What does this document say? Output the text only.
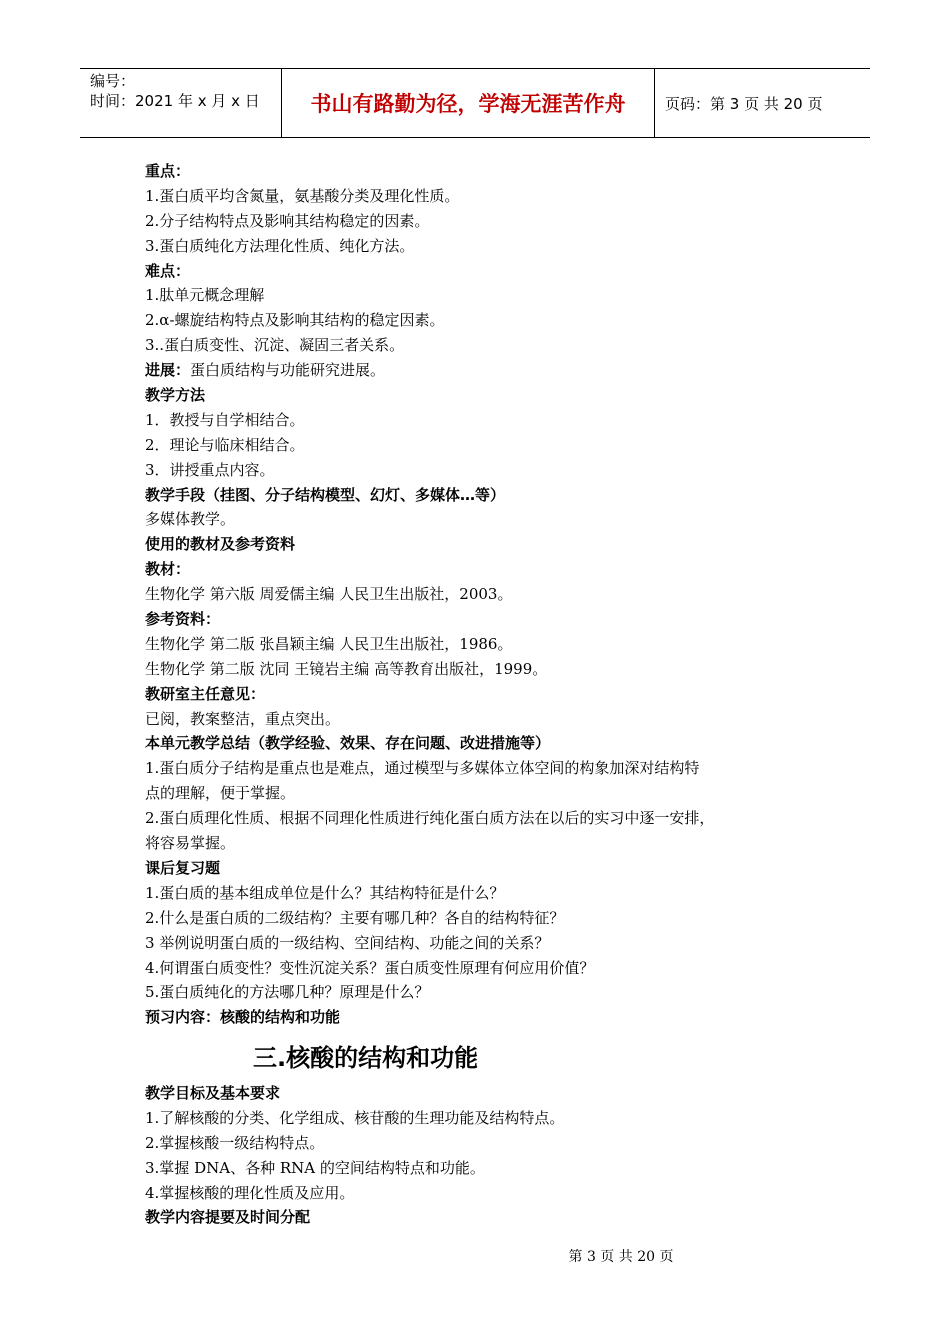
编号：
时间：2021 年 x 月 x 日 书山有路勤为径，学海无涯苦作舟	页码：第 3 页 共 20 页
重点：
1.蛋白质平均含氮量，氨基酸分类及理化性质。
2.分子结构特点及影响其结构稳定的因素。
3.蛋白质纯化方法理化性质、纯化方法。
难点：
1.肽单元概念理解
2.α-螺旋结构特点及影响其结构的稳定因素。
3..蛋白质变性、沉淀、凝固三者关系。
进展：蛋白质结构与功能研究进展。
教学方法
1．教授与自学相结合。
2．理论与临床相结合。
3．讲授重点内容。
教学手段（挂图、分子结构模型、幻灯、多媒体…等）
多媒体教学。
使用的教材及参考资料
教材：
生物化学 第六版 周爱儒主编 人民卫生出版社，2003。
参考资料：
生物化学 第二版 张昌颖主编 人民卫生出版社，1986。
生物化学 第二版 沈同 王镜岩主编 高等教育出版社，1999。
教研室主任意见：
已阅，教案整洁，重点突出。
本单元教学总结（教学经验、效果、存在问题、改进措施等）
1.蛋白质分子结构是重点也是难点，通过模型与多媒体立体空间的构象加深对结构特
点的理解，便于掌握。
2.蛋白质理化性质、根据不同理化性质进行纯化蛋白质方法在以后的实习中逐一安排，
将容易掌握。
课后复习题
1.蛋白质的基本组成单位是什么？其结构特征是什么？
2.什么是蛋白质的二级结构？主要有哪几种？各自的结构特征？
3 举例说明蛋白质的一级结构、空间结构、功能之间的关系？
4.何谓蛋白质变性？变性沉淀关系？蛋白质变性原理有何应用价值？
5.蛋白质纯化的方法哪几种？原理是什么？
预习内容：核酸的结构和功能
三.核酸的结构和功能
教学目标及基本要求
1.了解核酸的分类、化学组成、核苷酸的生理功能及结构特点。
2.掌握核酸一级结构特点。
3.掌握 DNA、各种 RNA 的空间结构特点和功能。
4.掌握核酸的理化性质及应用。
教学内容提要及时间分配
第 3 页 共 20 页
